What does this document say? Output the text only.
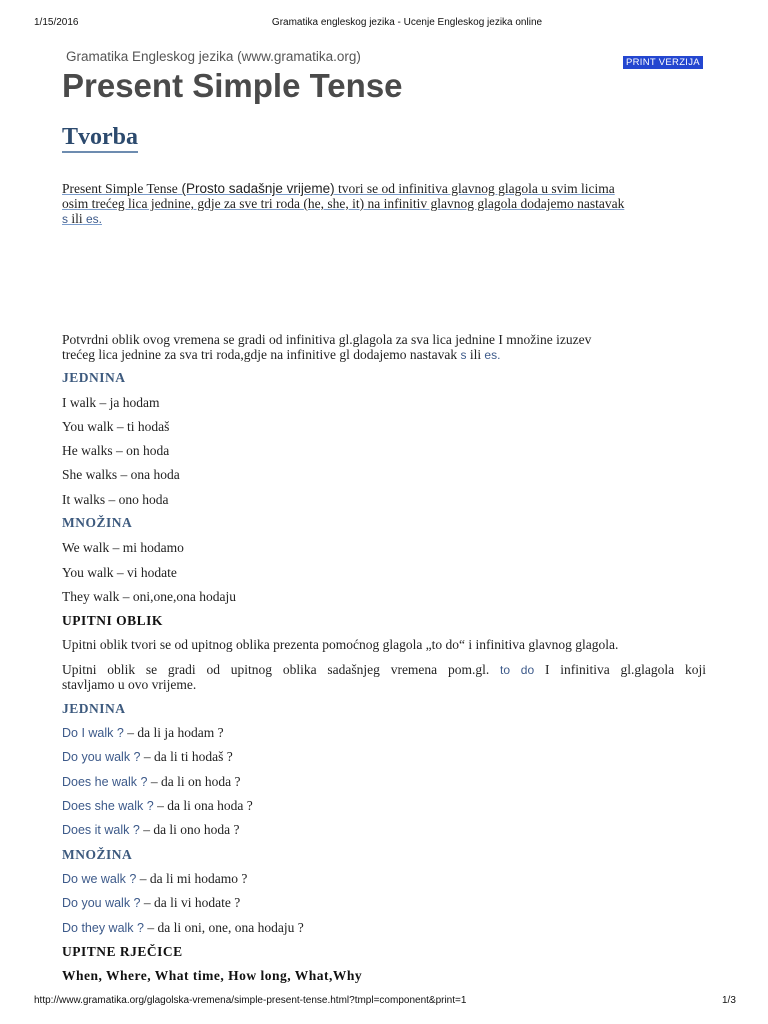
1/15/2016	Gramatika engleskog jezika - Ucenje Engleskog jezika online
Gramatika Engleskog jezika (www.gramatika.org)	PRINT VERZIJA
Present Simple Tense
Tvorba
Present Simple Tense (Prosto sadašnje vrijeme) tvori se od infinitiva glavnog glagola u svim licima
osim trećeg lica jednine, gdje za sve tri roda (he, she, it) na infinitiv glavnog glagola dodajemo nastavak
s ili es.
Potvrdni oblik ovog vremena se gradi od infinitiva gl.glagola za sva lica jednine I množine izuzev
trećeg lica jednine za sva tri roda,gdje na infinitive gl dodajemo nastavak s ili es.
JEDNINA
I walk – ja hodam
You walk – ti hodaš
He walks – on hoda
She walks – ona hoda
It walks – ono hoda
MNOŽINA
We walk – mi hodamo
You walk – vi hodate
They walk – oni,one,ona hodaju
UPITNI OBLIK
Upitni oblik tvori se od upitnog oblika prezenta pomoćnog glagola „to do“ i infinitiva glavnog glagola.
Upitni oblik se gradi od upitnog oblika sadašnjeg vremena pom.gl. to do I infinitiva gl.glagola koji
stavljamo u ovo vrijeme.
JEDNINA
Do I walk ? – da li ja hodam ?
Do you walk ? – da li ti hodaš ?
Does he walk ? – da li on hoda ?
Does she walk ? – da li ona hoda ?
Does it walk ? – da li ono hoda ?
MNOŽINA
Do we walk ? – da li mi hodamo ?
Do you walk ? – da li vi hodate ?
Do they walk ? – da li oni, one, ona hodaju ?
UPITNE RJEČICE
When, Where, What time, How long, What,Why
http://www.gramatika.org/glagolska-vremena/simple-present-tense.html?tmpl=component&print=1	1/3
